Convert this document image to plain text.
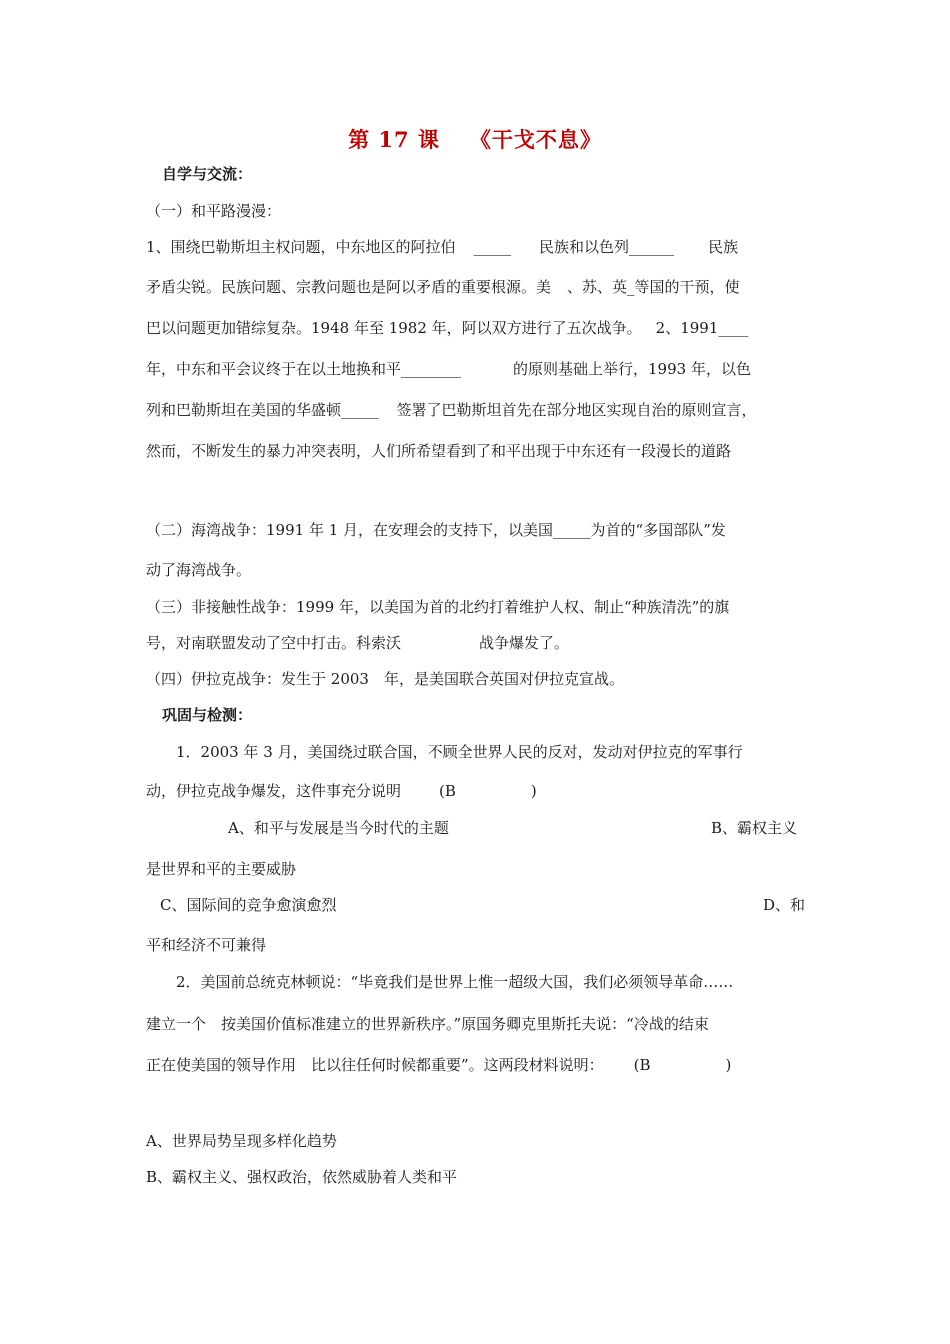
第 17 课 《干戈不息》
自学与交流：
（一）和平路漫漫：
1、围绕巴勒斯坦主权问题，中东地区的阿拉伯 _____ 民族和以色列______ 民族
矛盾尖锐。民族问题、宗教问题也是阿以矛盾的重要根源。美 、苏、英_等国的干预，使
巴以问题更加错综复杂。1948 年至 1982 年，阿以双方进行了五次战争。 2、1991____
年，中东和平会议终于在以土地换和平________	的原则基础上举行，1993 年，以色
列和巴勒斯坦在美国的华盛顿_____ 签署了巴勒斯坦首先在部分地区实现自治的原则宣言，
然而，不断发生的暴力冲突表明，人们所希望看到了和平出现于中东还有一段漫长的道路
（二）海湾战争：1991 年 1 月，在安理会的支持下，以美国_____为首的“多国部队”发
动了海湾战争。
（三）非接触性战争：1999 年，以美国为首的北约打着维护人权、制止“种族清洗”的旗
号，对南联盟发动了空中打击。科索沃	战争爆发了。
（四）伊拉克战争：发生于 2003　年，是美国联合英国对伊拉克宣战。
巩固与检测：
1．2003 年 3 月，美国绕过联合国，不顾全世界人民的反对，发动对伊拉克的军事行
动，伊拉克战争爆发，这件事充分说明	(B　　　　　)
A、和平与发展是当今时代的主题	B、霸权主义
是世界和平的主要威胁
C、国际间的竞争愈演愈烈	D、和
平和经济不可兼得
2．美国前总统克林顿说：“毕竟我们是世界上惟一超级大国，我们必须领导革命……
建立一个　按美国价值标准建立的世界新秩序。”原国务卿克里斯托夫说：“冷战的结束
正在使美国的领导作用　比以往任何时候都重要”。这两段材料说明： (B　　　　　)
A、世界局势呈现多样化趋势
B、霸权主义、强权政治，依然威胁着人类和平
